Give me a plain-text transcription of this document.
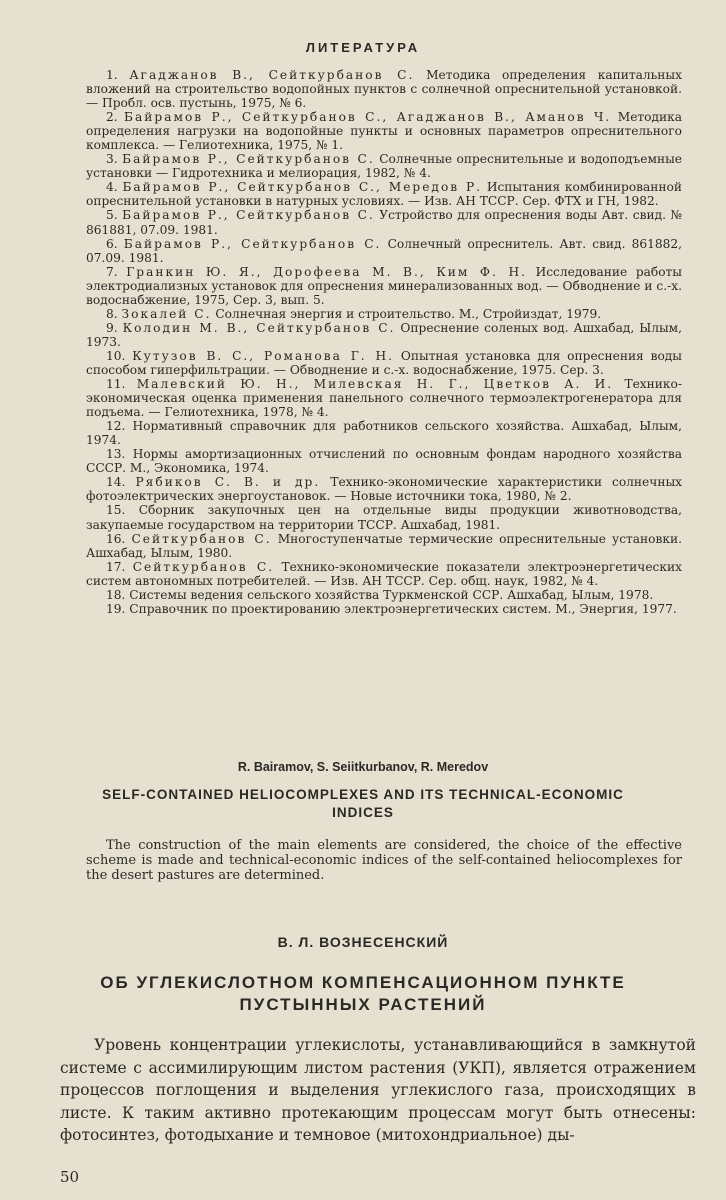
ЛИТЕРАТУРА

1. Агаджанов В., Сейткурбанов С. Методика определения капитальных вложений на строительство водопойных пунктов с солнечной опреснительной установкой. — Пробл. осв. пустынь, 1975, № 6.

2. Байрамов Р., Сейткурбанов С., Агаджанов В., Аманов Ч. Методика определения нагрузки на водопойные пункты и основных параметров опреснительного комплекса. — Гелиотехника, 1975, № 1.

3. Байрамов Р., Сейткурбанов С. Солнечные опреснительные и водоподъемные установки — Гидротехника и мелиорация, 1982, № 4.

4. Байрамов Р., Сейткурбанов С., Мередов Р. Испытания комбинированной опреснительной установки в натурных условиях. — Изв. АН ТССР. Сер. ФТХ и ГН, 1982.

5. Байрамов Р., Сейткурбанов С. Устройство для опреснения воды Авт. свид. № 861881, 07.09. 1981.

6. Байрамов Р., Сейткурбанов С. Солнечный опреснитель. Авт. свид. 861882, 07.09. 1981.

7. Гранкин Ю. Я., Дорофеева М. В., Ким Ф. Н. Исследование работы электродиализных установок для опреснения минерализованных вод. — Обводнение и с.-х. водоснабжение, 1975, Сер. 3, вып. 5.

8. Зокалей С. Солнечная энергия и строительство. М., Стройиздат, 1979.

9. Колодин М. В., Сейткурбанов С. Опреснение соленых вод. Ашхабад, Ылым, 1973.

10. Кутузов В. С., Романова Г. Н. Опытная установка для опреснения воды способом гиперфильтрации. — Обводнение и с.-х. водоснабжение, 1975. Сер. 3.

11. Малевский Ю. Н., Милевская Н. Г., Цветков А. И. Технико-экономическая оценка применения панельного солнечного термоэлектрогенератора для подъема. — Гелиотехника, 1978, № 4.

12. Нормативный справочник для работников сельского хозяйства. Ашхабад, Ылым, 1974.

13. Нормы амортизационных отчислений по основным фондам народного хозяйства СССР. М., Экономика, 1974.

14. Рябиков С. В. и др. Технико-экономические характеристики солнечных фотоэлектрических энергоустановок. — Новые источники тока, 1980, № 2.

15. Сборник закупочных цен на отдельные виды продукции животноводства, закупаемые государством на территории ТССР. Ашхабад, 1981.

16. Сейткурбанов С. Многоступенчатые термические опреснительные установки. Ашхабад, Ылым, 1980.

17. Сейткурбанов С. Технико-экономические показатели электроэнергетических систем автономных потребителей. — Изв. АН ТССР. Сер. общ. наук, 1982, № 4.

18. Системы ведения сельского хозяйства Туркменской ССР. Ашхабад, Ылым, 1978.

19. Справочник по проектированию электроэнергетических систем. М., Энергия, 1977.

R. Bairamov, S. Seiitkurbanov, R. Meredov
SELF-CONTAINED HELIOCOMPLEXES AND ITS TECHNICAL-ECONOMIC INDICES
The construction of the main elements are considered, the choice of the effective scheme is made and technical-economic indices of the self-contained heliocomplexes for the desert pastures are determined.
В. Л. ВОЗНЕСЕНСКИЙ
ОБ УГЛЕКИСЛОТНОМ КОМПЕНСАЦИОННОМ ПУНКТЕ ПУСТЫННЫХ РАСТЕНИЙ
Уровень концентрации углекислоты, устанавливающийся в замкнутой системе с ассимилирующим листом растения (УКП), является отражением процессов поглощения и выделения углекислого газа, происходящих в листе. К таким активно протекающим процессам могут быть отнесены: фотосинтез, фотодыхание и темновое (митохондриальное) ды-
50
